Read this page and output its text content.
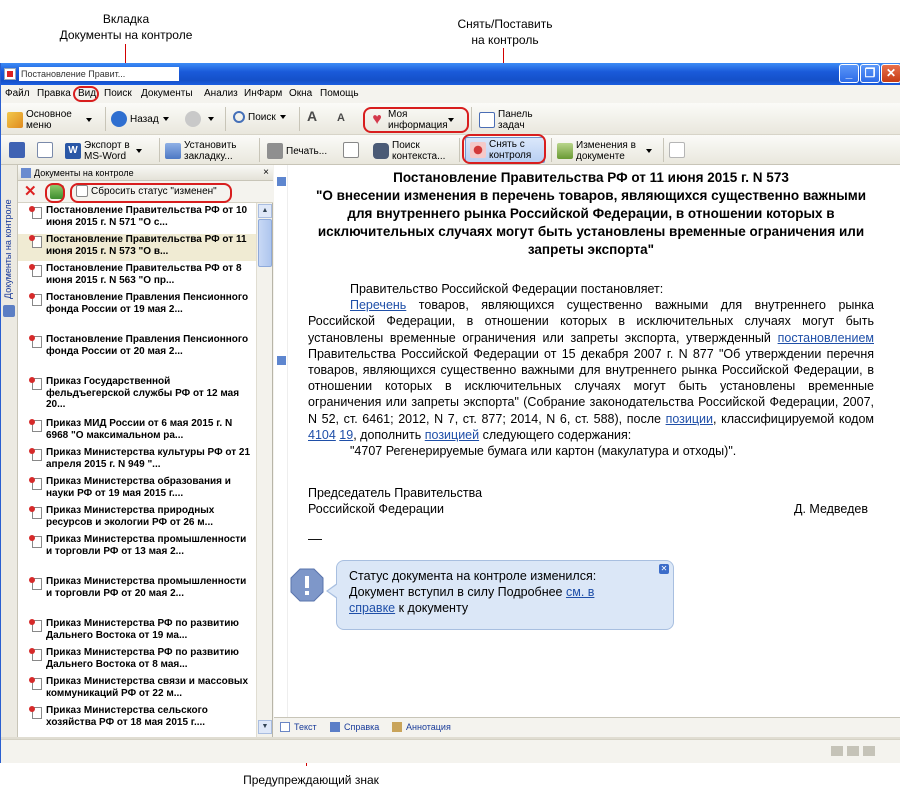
Вкладка
Документы на контроле
Снять/Поставить
на контроль
Предупреждающий знак
Постановление Правит...	_	❐ ✕
Файл Правка Вид Поиск Документы Анализ ИнФарм Окна Помощь
Основное меню
Назад	Поиск A A ♥ Моя информация
Панель задач
W Экспорт в MS-Word
Установить закладку...	Печать...	Поиск контекста...
Снять с контроля
Изменения в документе
Документы на контроле
Документы на контроле	×
✕	Сбросить статус "изменен"
Постановление Правительства РФ от 10 июня 2015 г. N 571 "О с...
Постановление Правительства РФ от 11 июня 2015 г. N 573 "О в...
Постановление Правительства РФ от 8 июня 2015 г. N 563 "О пр...
Постановление Правления Пенсионного фонда России от 19 мая 2...
Постановление Правления Пенсионного фонда России от 20 мая 2...
Приказ Государственной фельдъегерской службы РФ от 12 мая 20...
Приказ МИД России от 6 мая 2015 г. N 6968 "О максимальном ра...
Приказ Министерства культуры РФ от 21 апреля 2015 г. N 949 "...
Приказ Министерства образования и науки РФ от 19 мая 2015 г....
Приказ Министерства природных ресурсов и экологии РФ от 26 м...
Приказ Министерства промышленности и торговли РФ от 13 мая 2...
Приказ Министерства промышленности и торговли РФ от 20 мая 2...
Приказ Министерства РФ по развитию Дальнего Востока от 19 ма...
Приказ Министерства РФ по развитию Дальнего Востока от 8 мая...
Приказ Министерства связи и массовых коммуникаций РФ от 22 м...
Приказ Министерства сельского хозяйства РФ от 18 мая 2015 г....
▲
▼
Постановление Правительства РФ от 11 июня 2015 г. N 573
"О внесении изменения в перечень товаров, являющихся существенно важными для внутреннего рынка Российской Федерации, в отношении которых в исключительных случаях могут быть установлены временные ограничения или запреты экспорта"

Правительство Российской Федерации постановляет:

Перечень товаров, являющихся существенно важными для внутреннего рынка Российской Федерации, в отношении которых в исключительных случаях могут быть установлены временные ограничения или запреты экспорта, утвержденный постановлением Правительства Российской Федерации от 15 декабря 2007 г. N 877 "Об утверждении перечня товаров, являющихся существенно важными для внутреннего рынка Российской Федерации, в отношении которых в исключительных случаях могут быть установлены временные ограничения или запреты экспорта" (Собрание законодательства Российской Федерации, 2007, N 52, ст. 6461; 2012, N 7, ст. 877; 2014, N 6, ст. 588), после позиции, классифицируемой кодом 4104 19, дополнить позицией следующего содержания:

"4707 Регенерируемые бумага или картон (макулатура и отходы)".

Председатель Правительства
Российской Федерации	Д. Медведев
—
✕
Статус документа на контроле изменился:
Документ вступил в силу Подробнее см. в
справке к документу
Текст	Справка	Аннотация
